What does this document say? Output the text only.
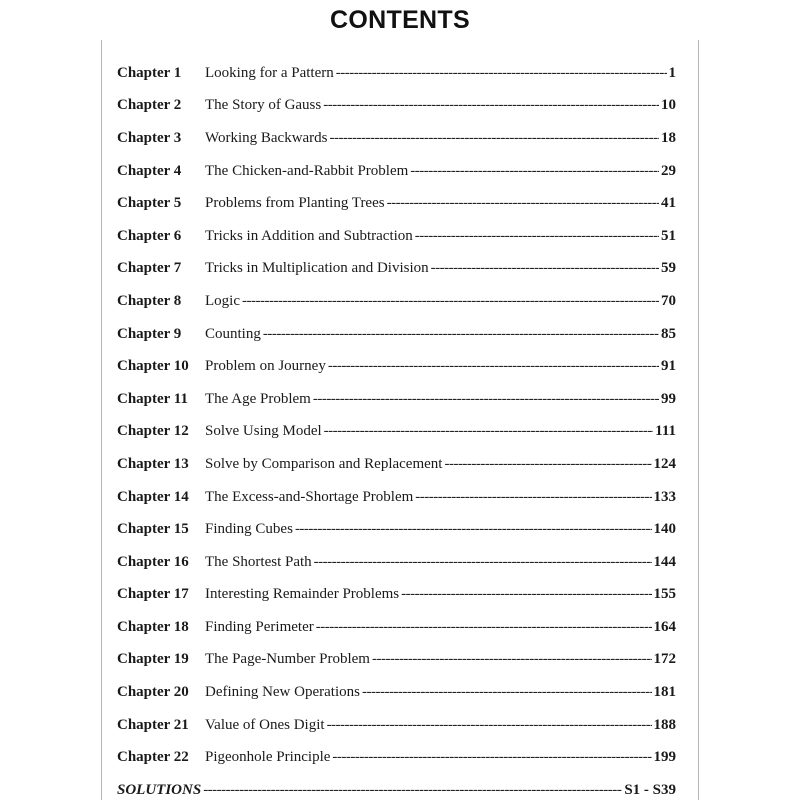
CONTENTS
Chapter 1	Looking for a Pattern -----	1
Chapter 2	The Story of Gauss -----	10
Chapter 3	Working Backwards -----	18
Chapter 4	The Chicken-and-Rabbit Problem -----	29
Chapter 5	Problems from Planting Trees -----	41
Chapter 6	Tricks in Addition and Subtraction -----	51
Chapter 7	Tricks in Multiplication and Division -----	59
Chapter 8	Logic -----	70
Chapter 9	Counting -----	85
Chapter 10	Problem on Journey -----	91
Chapter 11	The Age Problem -----	99
Chapter 12	Solve Using Model -----	111
Chapter 13	Solve by Comparison and Replacement -----	124
Chapter 14	The Excess-and-Shortage Problem -----	133
Chapter 15	Finding Cubes -----	140
Chapter 16	The Shortest Path -----	144
Chapter 17	Interesting Remainder Problems -----	155
Chapter 18	Finding Perimeter -----	164
Chapter 19	The Page-Number Problem -----	172
Chapter 20	Defining New Operations -----	181
Chapter 21	Value of Ones Digit -----	188
Chapter 22	Pigeonhole Principle -----	199
SOLUTIONS -----	S1 - S39
